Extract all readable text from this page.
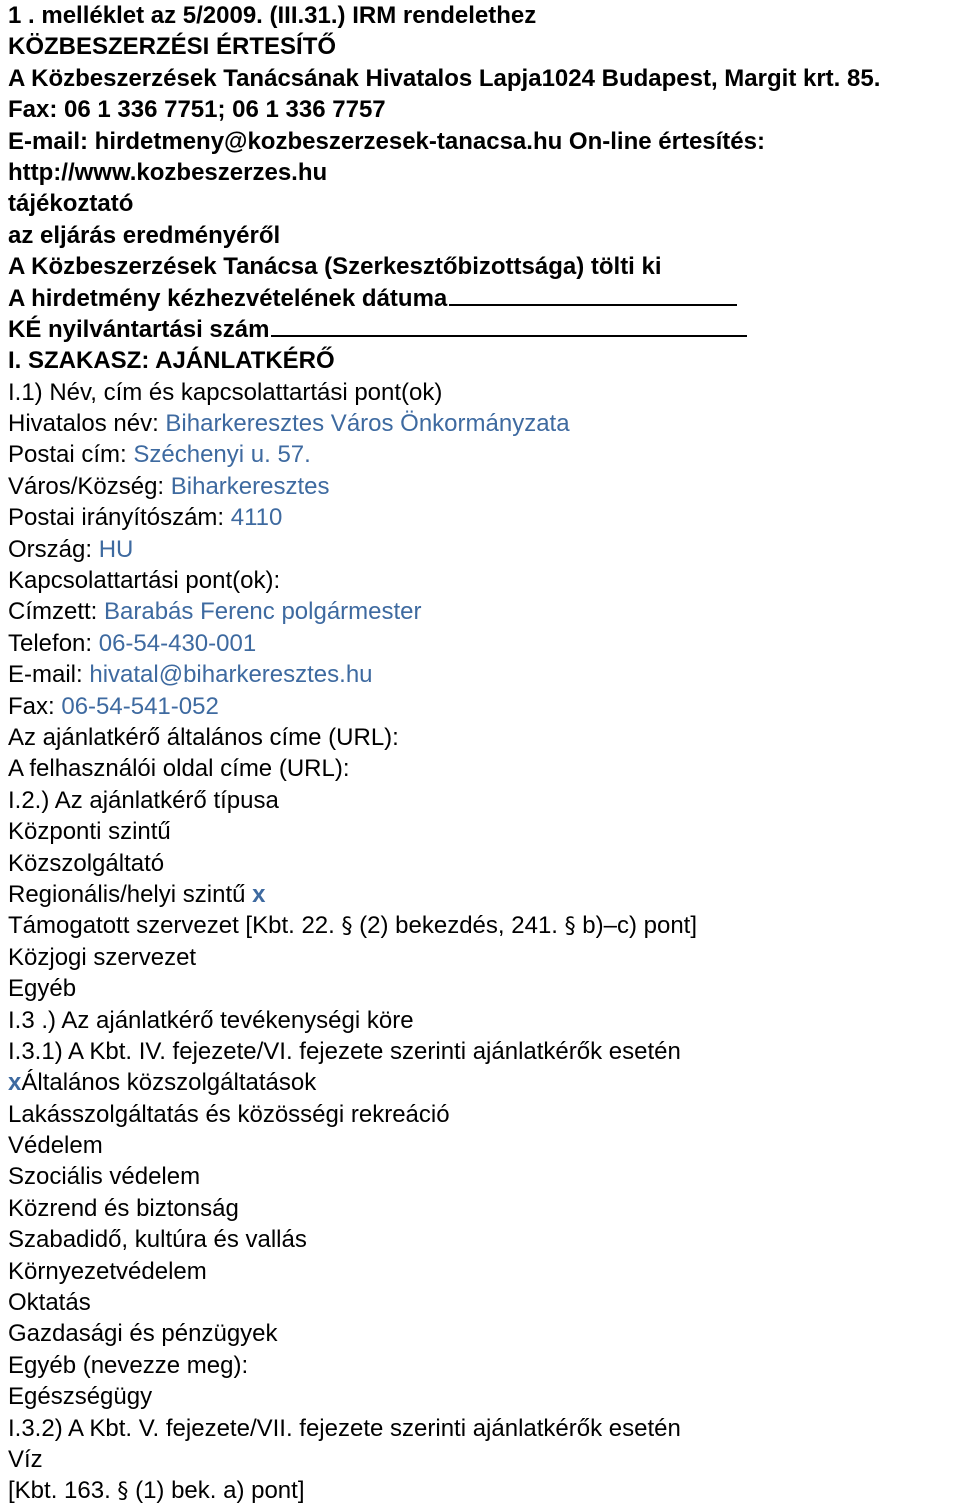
1 . melléklet az 5/2009. (III.31.) IRM rendelethez
KÖZBESZERZÉSI ÉRTESÍTŐ
A Közbeszerzések Tanácsának Hivatalos Lapja1024 Budapest, Margit krt. 85.
Fax: 06 1 336 7751; 06 1 336 7757
E-mail: hirdetmeny@kozbeszerzesek-tanacsa.hu On-line értesítés:
http://www.kozbeszerzes.hu
tájékoztató
az eljárás eredményéről
A Közbeszerzések Tanácsa (Szerkesztőbizottsága) tölti ki
A hirdetmény kézhezvételének dátuma
KÉ nyilvántartási szám
I. SZAKASZ: AJÁNLATKÉRŐ
I.1) Név, cím és kapcsolattartási pont(ok)
Hivatalos név: Biharkeresztes Város Önkormányzata
Postai cím: Széchenyi u. 57.
Város/Község: Biharkeresztes
Postai irányítószám: 4110
Ország: HU
Kapcsolattartási pont(ok):
Címzett: Barabás Ferenc polgármester
Telefon: 06-54-430-001
E-mail: hivatal@biharkeresztes.hu
Fax: 06-54-541-052
Az ajánlatkérő általános címe (URL):
A felhasználói oldal címe (URL):
I.2.) Az ajánlatkérő típusa
Központi szintű
Közszolgáltató
Regionális/helyi szintű x
Támogatott szervezet [Kbt. 22. § (2) bekezdés, 241. § b)–c) pont]
Közjogi szervezet
Egyéb
I.3 .) Az ajánlatkérő tevékenységi köre
I.3.1) A Kbt. IV. fejezete/VI. fejezete szerinti ajánlatkérők esetén
xÁltalános közszolgáltatások
Lakásszolgáltatás és közösségi rekreáció
Védelem
Szociális védelem
Közrend és biztonság
Szabadidő, kultúra és vallás
Környezetvédelem
Oktatás
Gazdasági és pénzügyek
Egyéb (nevezze meg):
Egészségügy
I.3.2) A Kbt. V. fejezete/VII. fejezete szerinti ajánlatkérők esetén
Víz
[Kbt. 163. § (1) bek. a) pont]
